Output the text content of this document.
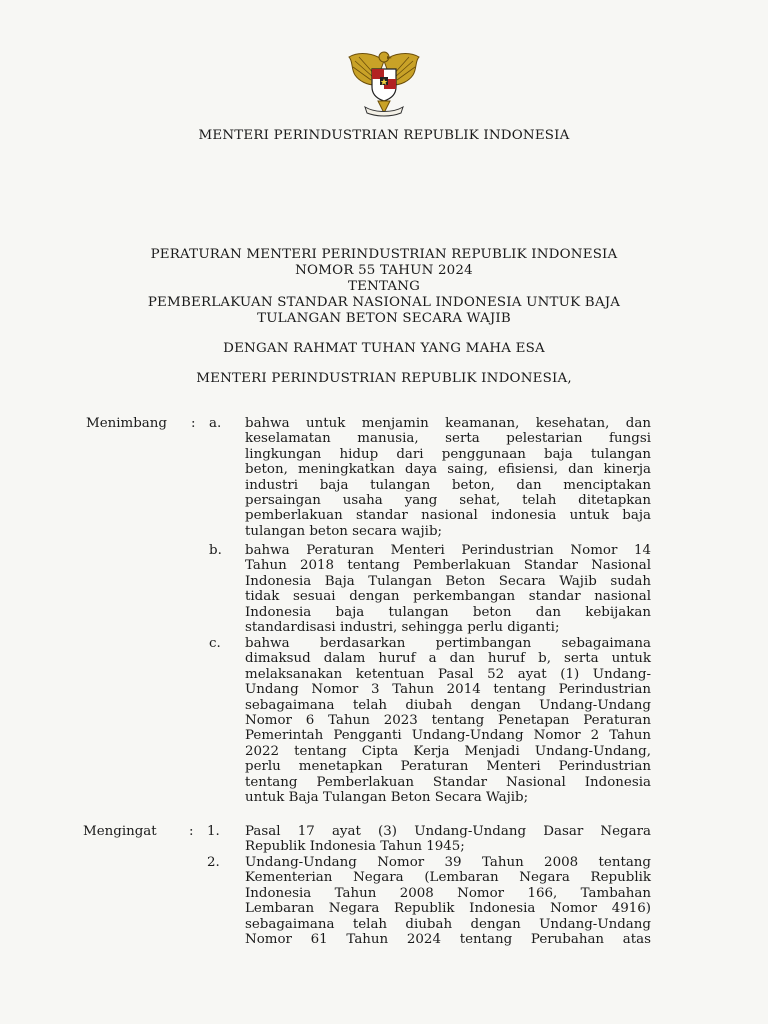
MENTERI PERINDUSTRIAN REPUBLIK INDONESIA
PERATURAN MENTERI PERINDUSTRIAN REPUBLIK INDONESIA
NOMOR 55 TAHUN 2024
TENTANG
PEMBERLAKUAN STANDAR NASIONAL INDONESIA UNTUK BAJA
TULANGAN BETON SECARA WAJIB
DENGAN RAHMAT TUHAN YANG MAHA ESA
MENTERI PERINDUSTRIAN REPUBLIK INDONESIA,
Menimbang : a. bahwa untuk menjamin keamanan, kesehatan, dan
keselamatan manusia, serta pelestarian fungsi
lingkungan hidup dari penggunaan baja tulangan
beton, meningkatkan daya saing, efisiensi, dan kinerja
industri baja tulangan beton, dan menciptakan
persaingan usaha yang sehat, telah ditetapkan
pemberlakuan standar nasional indonesia untuk baja
tulangan beton secara wajib;
b. bahwa Peraturan Menteri Perindustrian Nomor 14
Tahun 2018 tentang Pemberlakuan Standar Nasional
Indonesia Baja Tulangan Beton Secara Wajib sudah
tidak sesuai dengan perkembangan standar nasional
Indonesia baja tulangan beton dan kebijakan
standardisasi industri, sehingga perlu diganti;
c. bahwa berdasarkan pertimbangan sebagaimana
dimaksud dalam huruf a dan huruf b, serta untuk
melaksanakan ketentuan Pasal 52 ayat (1) Undang-
Undang Nomor 3 Tahun 2014 tentang Perindustrian
sebagaimana telah diubah dengan Undang-Undang
Nomor 6 Tahun 2023 tentang Penetapan Peraturan
Pemerintah Pengganti Undang-Undang Nomor 2 Tahun
2022 tentang Cipta Kerja Menjadi Undang-Undang,
perlu menetapkan Peraturan Menteri Perindustrian
tentang Pemberlakuan Standar Nasional Indonesia
untuk Baja Tulangan Beton Secara Wajib;
Mengingat : 1. Pasal 17 ayat (3) Undang-Undang Dasar Negara
Republik Indonesia Tahun 1945;
2. Undang-Undang Nomor 39 Tahun 2008 tentang
Kementerian Negara (Lembaran Negara Republik
Indonesia Tahun 2008 Nomor 166, Tambahan
Lembaran Negara Republik Indonesia Nomor 4916)
sebagaimana telah diubah dengan Undang-Undang
Nomor 61 Tahun 2024 tentang Perubahan atas
